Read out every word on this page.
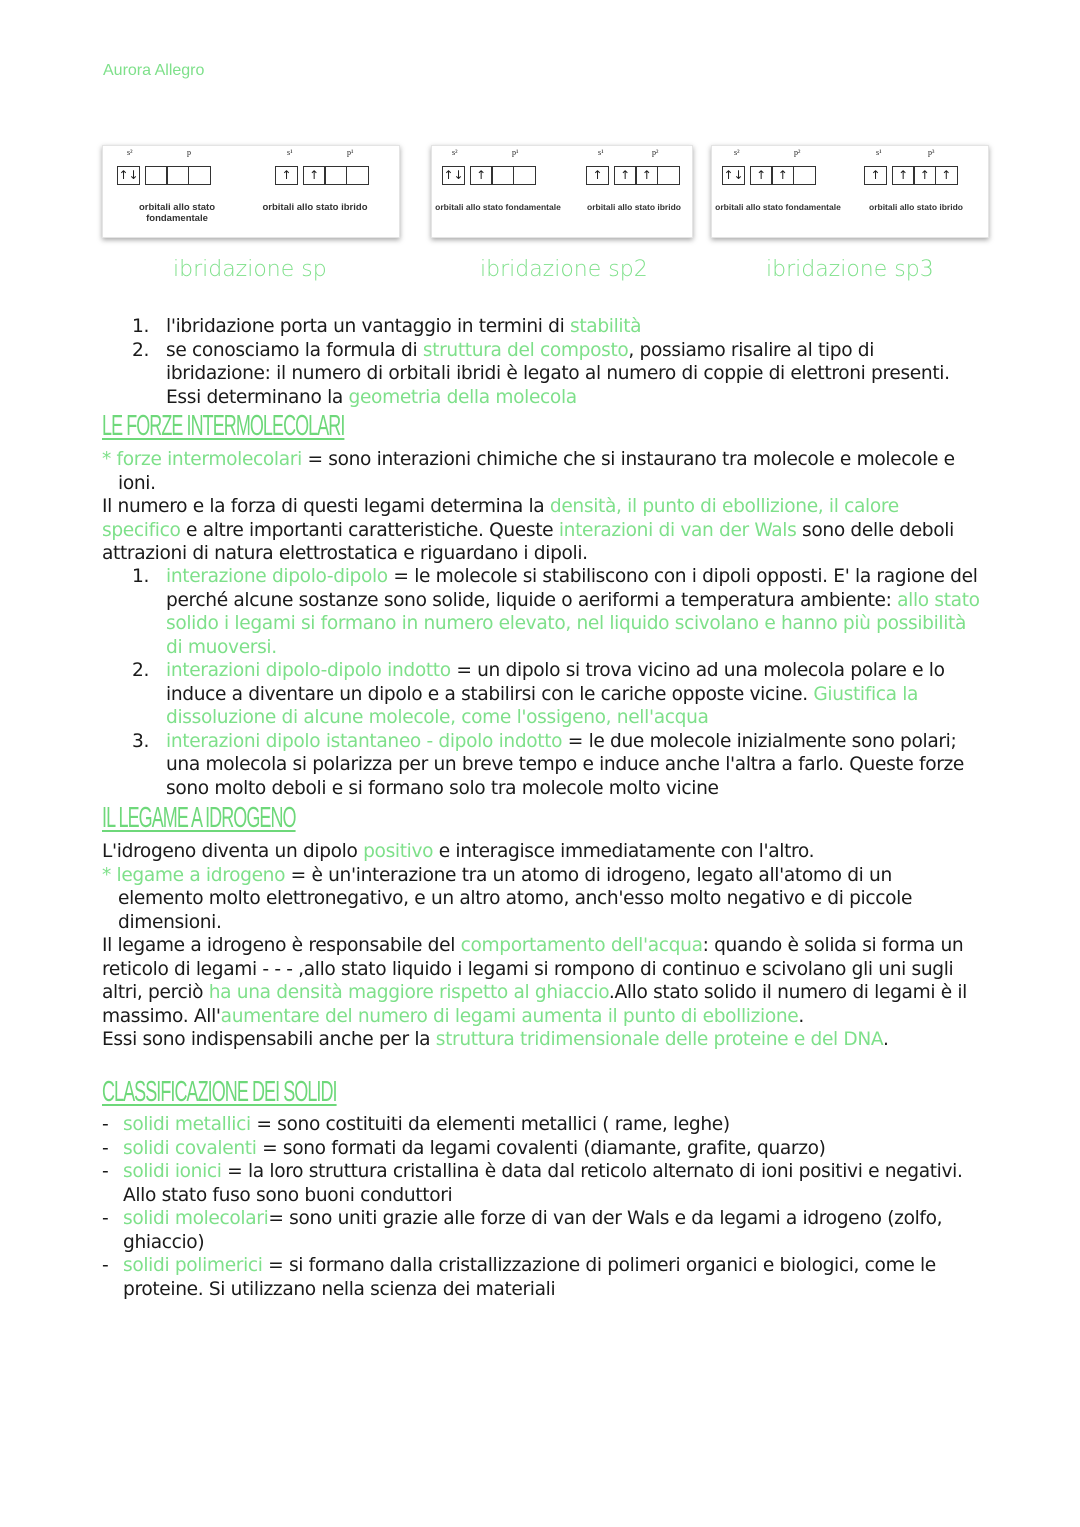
Aurora Allegro
s²	p
↑↓
orbitali allo stato fondamentale
s¹	p¹
↑	↑
orbitali allo stato ibrido
s²	p¹
↑↓	↑
orbitali allo stato fondamentale
s¹	p²
↑	↑ ↑
orbitali allo stato ibrido
s²	p²
↑↓	↑ ↑
orbitali allo stato fondamentale
s¹	p³
↑	↑ ↑ ↑
orbitali allo stato ibrido
ibridazione sp	ibridazione sp2	ibridazione sp3
1. l'ibridazione porta un vantaggio in termini di stabilità
2. se conosciamo la formula di struttura del composto, possiamo risalire al tipo di ibridazione: il numero di orbitali ibridi è legato al numero di coppie di elettroni presenti. Essi determinano la geometria della molecola
LE FORZE INTERMOLECOLARI
* forze intermolecolari = sono interazioni chimiche che si instaurano tra molecole e molecole e ioni.
Il numero e la forza di questi legami determina la densità, il punto di ebollizione, il calore specifico e altre importanti caratteristiche. Queste interazioni di van der Wals sono delle deboli attrazioni di natura elettrostatica e riguardano i dipoli.
1. interazione dipolo-dipolo = le molecole si stabiliscono con i dipoli opposti. E' la ragione del perché alcune sostanze sono solide, liquide o aeriformi a temperatura ambiente: allo stato solido i legami si formano in numero elevato, nel liquido scivolano e hanno più possibilità di muoversi.
2. interazioni dipolo-dipolo indotto = un dipolo si trova vicino ad una molecola polare e lo induce a diventare un dipolo e a stabilirsi con le cariche opposte vicine. Giustifica la dissoluzione di alcune molecole, come l'ossigeno, nell'acqua
3. interazioni dipolo istantaneo - dipolo indotto = le due molecole inizialmente sono polari; una molecola si polarizza per un breve tempo e induce anche l'altra a farlo. Queste forze sono molto deboli e si formano solo tra molecole molto vicine
IL LEGAME A IDROGENO
L'idrogeno diventa un dipolo positivo e interagisce immediatamente con l'altro.
* legame a idrogeno = è un'interazione tra un atomo di idrogeno, legato all'atomo di un elemento molto elettronegativo, e un altro atomo, anch'esso molto negativo e di piccole dimensioni.
Il legame a idrogeno è responsabile del comportamento dell'acqua: quando è solida si forma un reticolo di legami - - - ,allo stato liquido i legami si rompono di continuo e scivolano gli uni sugli altri, perciò ha una densità maggiore rispetto al ghiaccio.Allo stato solido il numero di legami è il massimo. All'aumentare del numero di legami aumenta il punto di ebollizione.
Essi sono indispensabili anche per la struttura tridimensionale delle proteine e del DNA.
CLASSIFICAZIONE DEI SOLIDI
- solidi metallici = sono costituiti da elementi metallici ( rame, leghe)
- solidi covalenti = sono formati da legami covalenti (diamante, grafite, quarzo)
- solidi ionici = la loro struttura cristallina è data dal reticolo alternato di ioni positivi e negativi. Allo stato fuso sono buoni conduttori
- solidi molecolari= sono uniti grazie alle forze di van der Wals e da legami a idrogeno (zolfo, ghiaccio)
- solidi polimerici = si formano dalla cristallizzazione di polimeri organici e biologici, come le proteine. Si utilizzano nella scienza dei materiali
